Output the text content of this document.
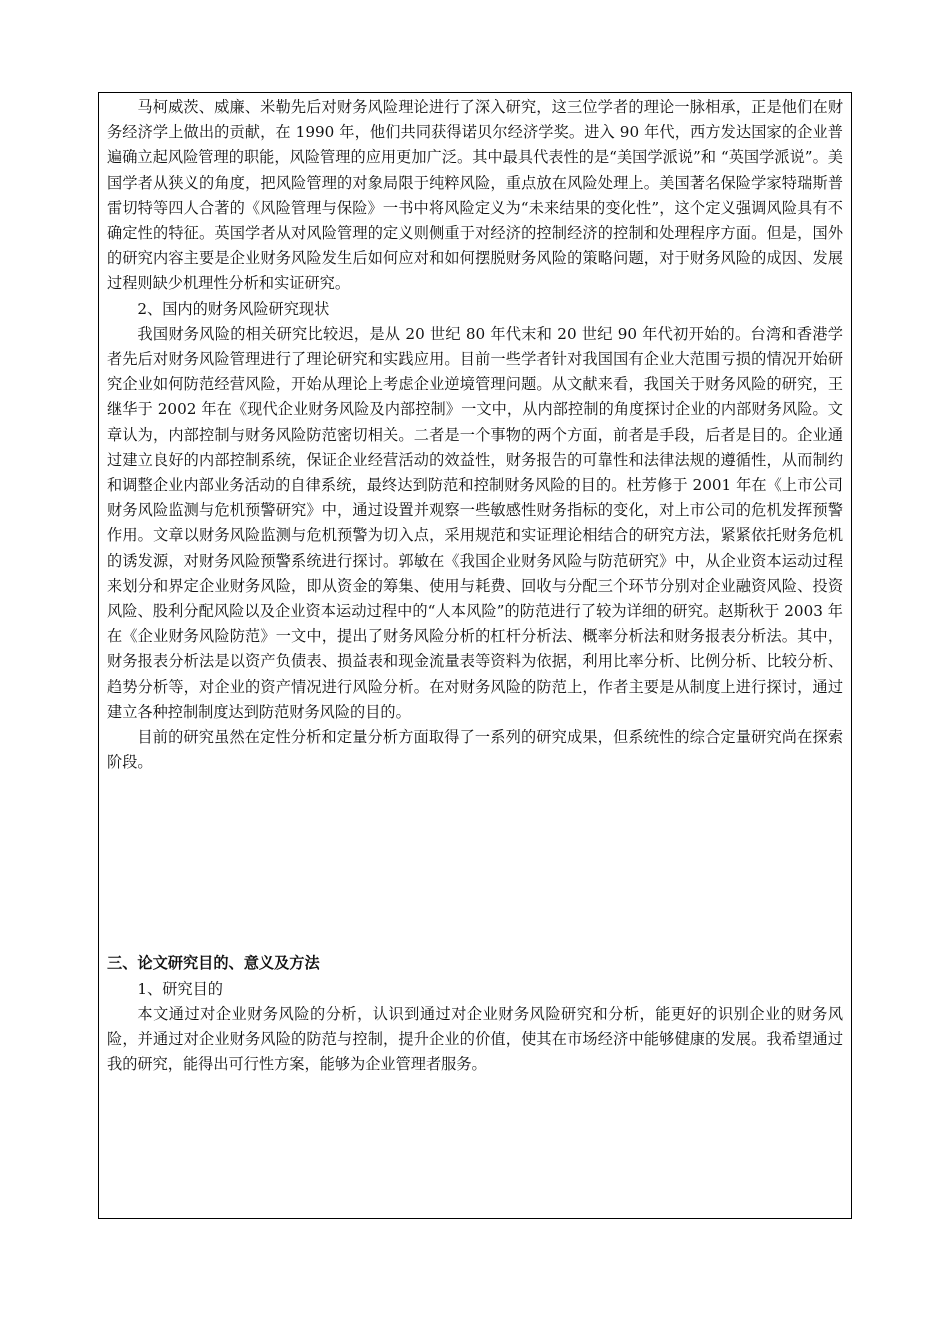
马柯威茨、威廉、米勒先后对财务风险理论进行了深入研究，这三位学者的理论一脉相承，正是他们在财务经济学上做出的贡献，在 1990 年，他们共同获得诺贝尔经济学奖。进入 90 年代，西方发达国家的企业普遍确立起风险管理的职能，风险管理的应用更加广泛。其中最具代表性的是“美国学派说”和 “英国学派说”。美国学者从狭义的角度，把风险管理的对象局限于纯粹风险，重点放在风险处理上。美国著名保险学家特瑞斯普雷切特等四人合著的《风险管理与保险》一书中将风险定义为“未来结果的变化性”，这个定义强调风险具有不确定性的特征。英国学者从对风险管理的定义则侧重于对经济的控制经济的控制和处理程序方面。但是，国外的研究内容主要是企业财务风险发生后如何应对和如何摆脱财务风险的策略问题，对于财务风险的成因、发展过程则缺少机理性分析和实证研究。

2、国内的财务风险研究现状

我国财务风险的相关研究比较迟，是从 20 世纪 80 年代末和 20 世纪 90 年代初开始的。台湾和香港学者先后对财务风险管理进行了理论研究和实践应用。目前一些学者针对我国国有企业大范围亏损的情况开始研究企业如何防范经营风险，开始从理论上考虑企业逆境管理问题。从文献来看，我国关于财务风险的研究，王继华于 2002 年在《现代企业财务风险及内部控制》一文中，从内部控制的角度探讨企业的内部财务风险。文章认为，内部控制与财务风险防范密切相关。二者是一个事物的两个方面，前者是手段，后者是目的。企业通过建立良好的内部控制系统，保证企业经营活动的效益性，财务报告的可靠性和法律法规的遵循性，从而制约和调整企业内部业务活动的自律系统，最终达到防范和控制财务风险的目的。杜芳修于 2001 年在《上市公司财务风险监测与危机预警研究》中，通过设置并观察一些敏感性财务指标的变化，对上市公司的危机发挥预警作用。文章以财务风险监测与危机预警为切入点，采用规范和实证理论相结合的研究方法，紧紧依托财务危机的诱发源，对财务风险预警系统进行探讨。郭敏在《我国企业财务风险与防范研究》中，从企业资本运动过程来划分和界定企业财务风险，即从资金的筹集、使用与耗费、回收与分配三个环节分别对企业融资风险、投资风险、股利分配风险以及企业资本运动过程中的“人本风险”的防范进行了较为详细的研究。赵斯秋于 2003 年在《企业财务风险防范》一文中，提出了财务风险分析的杠杆分析法、概率分析法和财务报表分析法。其中，财务报表分析法是以资产负债表、损益表和现金流量表等资料为依据，利用比率分析、比例分析、比较分析、趋势分析等，对企业的资产情况进行风险分析。在对财务风险的防范上，作者主要是从制度上进行探讨，通过建立各种控制制度达到防范财务风险的目的。

目前的研究虽然在定性分析和定量分析方面取得了一系列的研究成果，但系统性的综合定量研究尚在探索阶段。

三、论文研究目的、意义及方法

1、研究目的

本文通过对企业财务风险的分析，认识到通过对企业财务风险研究和分析，能更好的识别企业的财务风险，并通过对企业财务风险的防范与控制，提升企业的价值，使其在市场经济中能够健康的发展。我希望通过我的研究，能得出可行性方案，能够为企业管理者服务。
